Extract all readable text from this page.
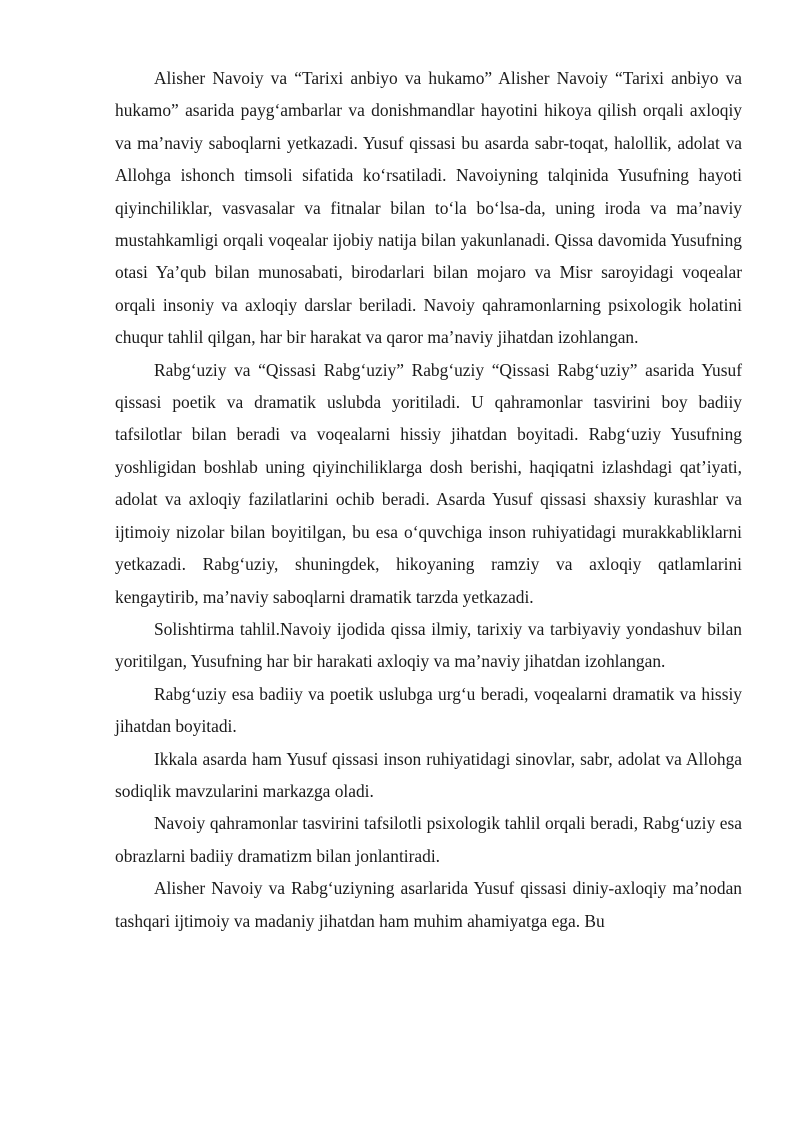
Alisher Navoiy va “Tarixi anbiyo va hukamo” Alisher Navoiy “Tarixi anbiyo va hukamo” asarida payg‘ambarlar va donishmandlar hayotini hikoya qilish orqali axloqiy va ma’naviy saboqlarni yetkazadi. Yusuf qissasi bu asarda sabr-toqat, halollik, adolat va Allohga ishonch timsoli sifatida ko‘rsatiladi. Navoiyning talqinida Yusufning hayoti qiyinchiliklar, vasvasalar va fitnalar bilan to‘la bo‘lsa-da, uning iroda va ma’naviy mustahkamligi orqali voqealar ijobiy natija bilan yakunlanadi. Qissa davomida Yusufning otasi Ya’qub bilan munosabati, birodarlari bilan mojaro va Misr saroyidagi voqealar orqali insoniy va axloqiy darslar beriladi. Navoiy qahramonlarning psixologik holatini chuqur tahlil qilgan, har bir harakat va qaror ma’naviy jihatdan izohlangan.

Rabg‘uziy va “Qissasi Rabg‘uziy” Rabg‘uziy “Qissasi Rabg‘uziy” asarida Yusuf qissasi poetik va dramatik uslubda yoritiladi. U qahramonlar tasvirini boy badiiy tafsilotlar bilan beradi va voqealarni hissiy jihatdan boyitadi. Rabg‘uziy Yusufning yoshligidan boshlab uning qiyinchiliklarga dosh berishi, haqiqatni izlashdagi qat’iyati, adolat va axloqiy fazilatlarini ochib beradi. Asarda Yusuf qissasi shaxsiy kurashlar va ijtimoiy nizolar bilan boyitilgan, bu esa o‘quvchiga inson ruhiyatidagi murakkabliklarni yetkazadi. Rabg‘uziy, shuningdek, hikoyaning ramziy va axloqiy qatlamlarini kengaytirib, ma’naviy saboqlarni dramatik tarzda yetkazadi.

Solishtirma tahlil.Navoiy ijodida qissa ilmiy, tarixiy va tarbiyaviy yondashuv bilan yoritilgan, Yusufning har bir harakati axloqiy va ma’naviy jihatdan izohlangan.

Rabg‘uziy esa badiiy va poetik uslubga urg‘u beradi, voqealarni dramatik va hissiy jihatdan boyitadi.

Ikkala asarda ham Yusuf qissasi inson ruhiyatidagi sinovlar, sabr, adolat va Allohga sodiqlik mavzularini markazga oladi.

Navoiy qahramonlar tasvirini tafsilotli psixologik tahlil orqali beradi, Rabg‘uziy esa obrazlarni badiiy dramatizm bilan jonlantiradi.

Alisher Navoiy va Rabg‘uziyning asarlarida Yusuf qissasi diniy-axloqiy ma’nodan tashqari ijtimoiy va madaniy jihatdan ham muhim ahamiyatga ega. Bu
